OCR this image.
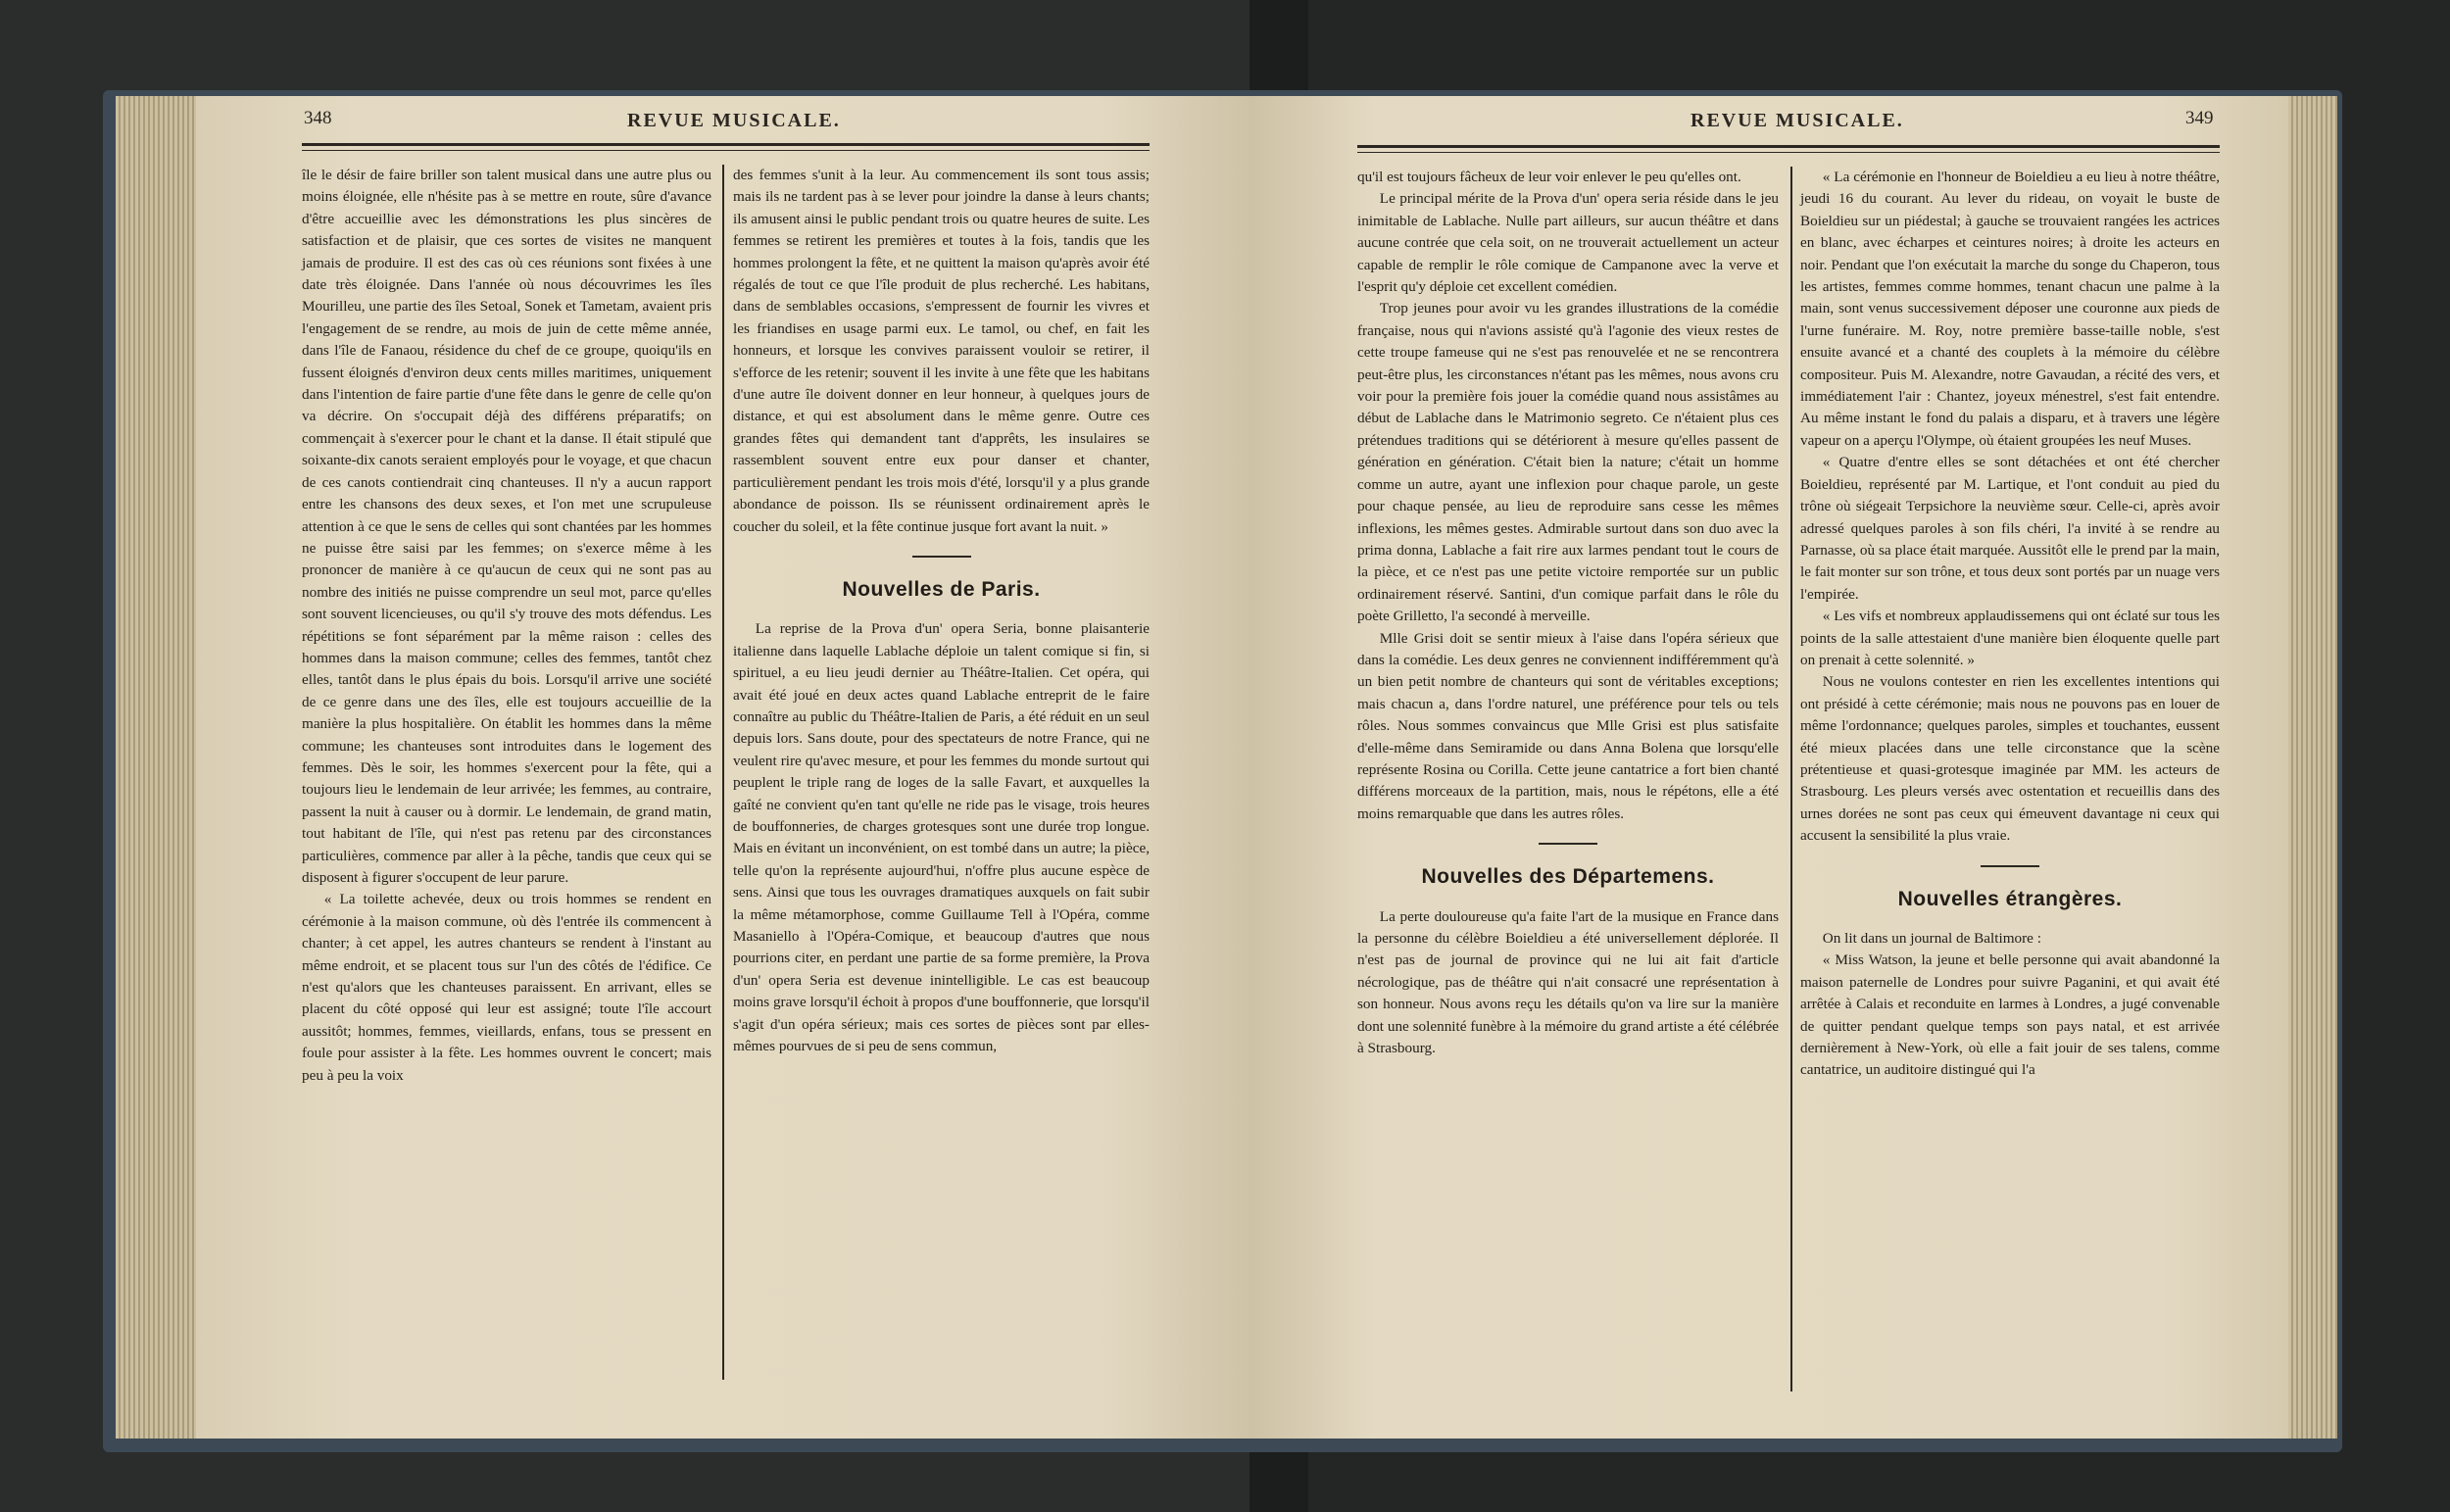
348	REVUE MUSICALE.

île le désir de faire briller son talent musical dans une autre plus ou moins éloignée, elle n'hésite pas à se mettre en route, sûre d'avance d'être accueillie avec les démonstrations les plus sincères de satisfaction et de plaisir, que ces sortes de visites ne manquent jamais de produire. Il est des cas où ces réunions sont fixées à une date très éloignée. Dans l'année où nous découvrimes les îles Mourilleu, une partie des îles Setoal, Sonek et Tametam, avaient pris l'engagement de se rendre, au mois de juin de cette même année, dans l'île de Fanaou, résidence du chef de ce groupe, quoiqu'ils en fussent éloignés d'environ deux cents milles maritimes, uniquement dans l'intention de faire partie d'une fête dans le genre de celle qu'on va décrire. On s'occupait déjà des différens préparatifs; on commençait à s'exercer pour le chant et la danse. Il était stipulé que soixante-dix canots seraient employés pour le voyage, et que chacun de ces canots contiendrait cinq chanteuses. Il n'y a aucun rapport entre les chansons des deux sexes, et l'on met une scrupuleuse attention à ce que le sens de celles qui sont chantées par les hommes ne puisse être saisi par les femmes; on s'exerce même à les prononcer de manière à ce qu'aucun de ceux qui ne sont pas au nombre des initiés ne puisse comprendre un seul mot, parce qu'elles sont souvent licencieuses, ou qu'il s'y trouve des mots défendus. Les répétitions se font séparément par la même raison : celles des hommes dans la maison commune; celles des femmes, tantôt chez elles, tantôt dans le plus épais du bois. Lorsqu'il arrive une société de ce genre dans une des îles, elle est toujours accueillie de la manière la plus hospitalière. On établit les hommes dans la même commune; les chanteuses sont introduites dans le logement des femmes. Dès le soir, les hommes s'exercent pour la fête, qui a toujours lieu le lendemain de leur arrivée; les femmes, au contraire, passent la nuit à causer ou à dormir. Le lendemain, de grand matin, tout habitant de l'île, qui n'est pas retenu par des circonstances particulières, commence par aller à la pêche, tandis que ceux qui se disposent à figurer s'occupent de leur parure.

« La toilette achevée, deux ou trois hommes se rendent en cérémonie à la maison commune, où dès l'entrée ils commencent à chanter; à cet appel, les autres chanteurs se rendent à l'instant au même endroit, et se placent tous sur l'un des côtés de l'édifice. Ce n'est qu'alors que les chanteuses paraissent. En arrivant, elles se placent du côté opposé qui leur est assigné; toute l'île accourt aussitôt; hommes, femmes, vieillards, enfans, tous se pressent en foule pour assister à la fête. Les hommes ouvrent le concert; mais peu à peu la voix

des femmes s'unit à la leur. Au commencement ils sont tous assis; mais ils ne tardent pas à se lever pour joindre la danse à leurs chants; ils amusent ainsi le public pendant trois ou quatre heures de suite. Les femmes se retirent les premières et toutes à la fois, tandis que les hommes prolongent la fête, et ne quittent la maison qu'après avoir été régalés de tout ce que l'île produit de plus recherché. Les habitans, dans de semblables occasions, s'empressent de fournir les vivres et les friandises en usage parmi eux. Le tamol, ou chef, en fait les honneurs, et lorsque les convives paraissent vouloir se retirer, il s'efforce de les retenir; souvent il les invite à une fête que les habitans d'une autre île doivent donner en leur honneur, à quelques jours de distance, et qui est absolument dans le même genre. Outre ces grandes fêtes qui demandent tant d'apprêts, les insulaires se rassemblent souvent entre eux pour danser et chanter, particulièrement pendant les trois mois d'été, lorsqu'il y a plus grande abondance de poisson. Ils se réunissent ordinairement après le coucher du soleil, et la fête continue jusque fort avant la nuit. »

Nouvelles de Paris.

La reprise de la Prova d'un' opera Seria, bonne plaisanterie italienne dans laquelle Lablache déploie un talent comique si fin, si spirituel, a eu lieu jeudi dernier au Théâtre-Italien. Cet opéra, qui avait été joué en deux actes quand Lablache entreprit de le faire connaître au public du Théâtre-Italien de Paris, a été réduit en un seul depuis lors. Sans doute, pour des spectateurs de notre France, qui ne veulent rire qu'avec mesure, et pour les femmes du monde surtout qui peuplent le triple rang de loges de la salle Favart, et auxquelles la gaîté ne convient qu'en tant qu'elle ne ride pas le visage, trois heures de bouffonneries, de charges grotesques sont une durée trop longue. Mais en évitant un inconvénient, on est tombé dans un autre; la pièce, telle qu'on la représente aujourd'hui, n'offre plus aucune espèce de sens. Ainsi que tous les ouvrages dramatiques auxquels on fait subir la même métamorphose, comme Guillaume Tell à l'Opéra, comme Masaniello à l'Opéra-Comique, et beaucoup d'autres que nous pourrions citer, en perdant une partie de sa forme première, la Prova d'un' opera Seria est devenue inintelligible. Le cas est beaucoup moins grave lorsqu'il échoit à propos d'une bouffonnerie, que lorsqu'il s'agit d'un opéra sérieux; mais ces sortes de pièces sont par elles-mêmes pourvues de si peu de sens commun,

REVUE MUSICALE.	349

qu'il est toujours fâcheux de leur voir enlever le peu qu'elles ont.

Le principal mérite de la Prova d'un' opera seria réside dans le jeu inimitable de Lablache. Nulle part ailleurs, sur aucun théâtre et dans aucune contrée que cela soit, on ne trouverait actuellement un acteur capable de remplir le rôle comique de Campanone avec la verve et l'esprit qu'y déploie cet excellent comédien.

Trop jeunes pour avoir vu les grandes illustrations de la comédie française, nous qui n'avions assisté qu'à l'agonie des vieux restes de cette troupe fameuse qui ne s'est pas renouvelée et ne se rencontrera peut-être plus, les circonstances n'étant pas les mêmes, nous avons cru voir pour la première fois jouer la comédie quand nous assistâmes au début de Lablache dans le Matrimonio segreto. Ce n'étaient plus ces prétendues traditions qui se détériorent à mesure qu'elles passent de génération en génération. C'était bien la nature; c'était un homme comme un autre, ayant une inflexion pour chaque parole, un geste pour chaque pensée, au lieu de reproduire sans cesse les mêmes inflexions, les mêmes gestes. Admirable surtout dans son duo avec la prima donna, Lablache a fait rire aux larmes pendant tout le cours de la pièce, et ce n'est pas une petite victoire remportée sur un public ordinairement réservé. Santini, d'un comique parfait dans le rôle du poète Grilletto, l'a secondé à merveille.

Mlle Grisi doit se sentir mieux à l'aise dans l'opéra sérieux que dans la comédie. Les deux genres ne conviennent indifféremment qu'à un bien petit nombre de chanteurs qui sont de véritables exceptions; mais chacun a, dans l'ordre naturel, une préférence pour tels ou tels rôles. Nous sommes convaincus que Mlle Grisi est plus satisfaite d'elle-même dans Semiramide ou dans Anna Bolena que lorsqu'elle représente Rosina ou Corilla. Cette jeune cantatrice a fort bien chanté différens morceaux de la partition, mais, nous le répétons, elle a été moins remarquable que dans les autres rôles.

Nouvelles des Départemens.

La perte douloureuse qu'a faite l'art de la musique en France dans la personne du célèbre Boieldieu a été universellement déplorée. Il n'est pas de journal de province qui ne lui ait fait d'article nécrologique, pas de théâtre qui n'ait consacré une représentation à son honneur. Nous avons reçu les détails qu'on va lire sur la manière dont une solennité funèbre à la mémoire du grand artiste a été célébrée à Strasbourg.

« La cérémonie en l'honneur de Boieldieu a eu lieu à notre théâtre, jeudi 16 du courant. Au lever du rideau, on voyait le buste de Boieldieu sur un piédestal; à gauche se trouvaient rangées les actrices en blanc, avec écharpes et ceintures noires; à droite les acteurs en noir. Pendant que l'on exécutait la marche du songe du Chaperon, tous les artistes, femmes comme hommes, tenant chacun une palme à la main, sont venus successivement déposer une couronne aux pieds de l'urne funéraire. M. Roy, notre première basse-taille noble, s'est ensuite avancé et a chanté des couplets à la mémoire du célèbre compositeur. Puis M. Alexandre, notre Gavaudan, a récité des vers, et immédiatement l'air : Chantez, joyeux ménestrel, s'est fait entendre. Au même instant le fond du palais a disparu, et à travers une légère vapeur on a aperçu l'Olympe, où étaient groupées les neuf Muses.

« Quatre d'entre elles se sont détachées et ont été chercher Boieldieu, représenté par M. Lartique, et l'ont conduit au pied du trône où siégeait Terpsichore la neuvième sœur. Celle-ci, après avoir adressé quelques paroles à son fils chéri, l'a invité à se rendre au Parnasse, où sa place était marquée. Aussitôt elle le prend par la main, le fait monter sur son trône, et tous deux sont portés par un nuage vers l'empirée.

« Les vifs et nombreux applaudissemens qui ont éclaté sur tous les points de la salle attestaient d'une manière bien éloquente quelle part on prenait à cette solennité. »

Nous ne voulons contester en rien les excellentes intentions qui ont présidé à cette cérémonie; mais nous ne pouvons pas en louer de même l'ordonnance; quelques paroles, simples et touchantes, eussent été mieux placées dans une telle circonstance que la scène prétentieuse et quasi-grotesque imaginée par MM. les acteurs de Strasbourg. Les pleurs versés avec ostentation et recueillis dans des urnes dorées ne sont pas ceux qui émeuvent davantage ni ceux qui accusent la sensibilité la plus vraie.

Nouvelles étrangères.

On lit dans un journal de Baltimore :

« Miss Watson, la jeune et belle personne qui avait abandonné la maison paternelle de Londres pour suivre Paganini, et qui avait été arrêtée à Calais et reconduite en larmes à Londres, a jugé convenable de quitter pendant quelque temps son pays natal, et est arrivée dernièrement à New-York, où elle a fait jouir de ses talens, comme cantatrice, un auditoire distingué qui l'a
